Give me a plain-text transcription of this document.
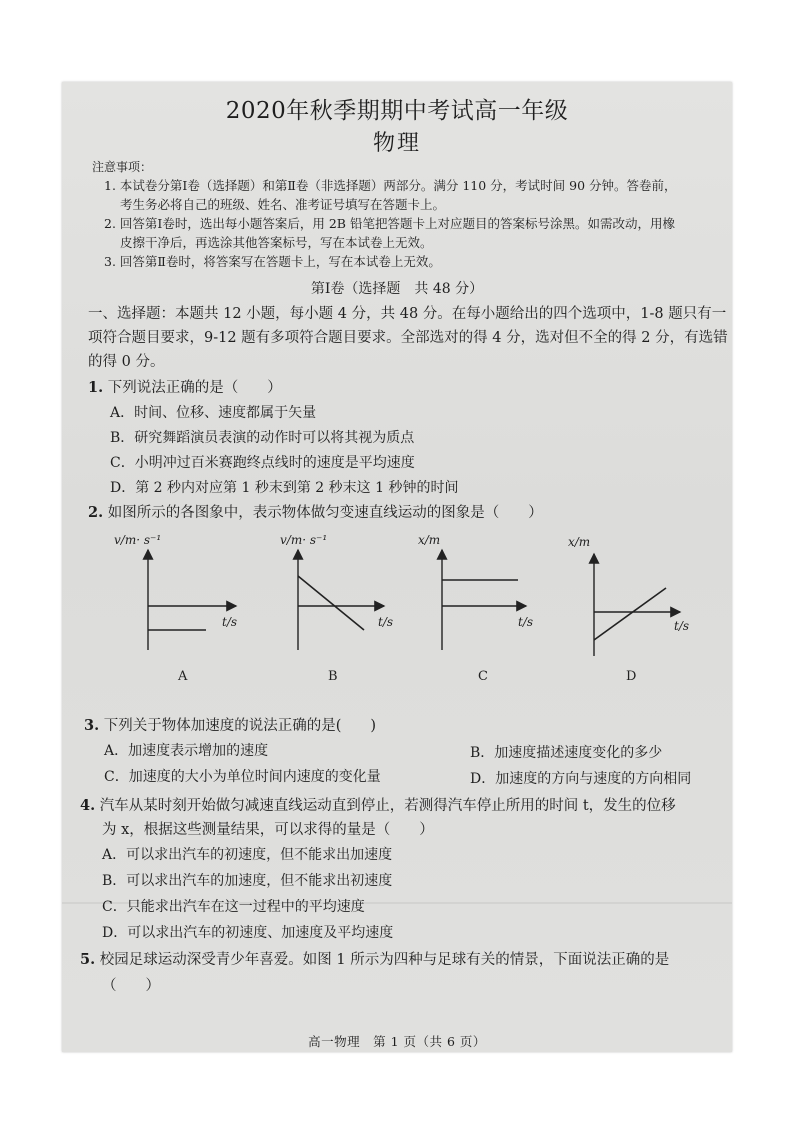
2020年秋季期期中考试高一年级
物理
注意事项：
1. 本试卷分第Ⅰ卷（选择题）和第Ⅱ卷（非选择题）两部分。满分 110 分，考试时间 90 分钟。答卷前，
考生务必将自己的班级、姓名、准考证号填写在答题卡上。
2. 回答第Ⅰ卷时，选出每小题答案后，用 2B 铅笔把答题卡上对应题目的答案标号涂黑。如需改动，用橡
皮擦干净后，再选涂其他答案标号，写在本试卷上无效。
3. 回答第Ⅱ卷时，将答案写在答题卡上，写在本试卷上无效。
第Ⅰ卷（选择题　共 48 分）
一、选择题：本题共 12 小题，每小题 4 分，共 48 分。在每小题给出的四个选项中，1-8 题只有一项符合题目要求，9-12 题有多项符合题目要求。全部选对的得 4 分，选对但不全的得 2 分，有选错的得 0 分。
1. 下列说法正确的是（　　）
A．时间、位移、速度都属于矢量
B．研究舞蹈演员表演的动作时可以将其视为质点
C．小明冲过百米赛跑终点线时的速度是平均速度
D．第 2 秒内对应第 1 秒末到第 2 秒末这 1 秒钟的时间
2. 如图所示的各图象中，表示物体做匀变速直线运动的图象是（　　）
v/m· s⁻¹
t/s
A
v/m· s⁻¹
t/s
B
x/m
t/s
C
x/m
t/s
D
3. 下列关于物体加速度的说法正确的是(　　)
A．加速度表示增加的速度	B．加速度描述速度变化的多少
C．加速度的大小为单位时间内速度的变化量	D．加速度的方向与速度的方向相同
4. 汽车从某时刻开始做匀减速直线运动直到停止，若测得汽车停止所用的时间 t，发生的位移
为 x，根据这些测量结果，可以求得的量是（　　）
A．可以求出汽车的初速度，但不能求出加速度
B．可以求出汽车的加速度，但不能求出初速度
C．只能求出汽车在这一过程中的平均速度
D．可以求出汽车的初速度、加速度及平均速度
5. 校园足球运动深受青少年喜爱。如图 1 所示为四种与足球有关的情景，下面说法正确的是
（　　）
高一物理　第 1 页（共 6 页）
